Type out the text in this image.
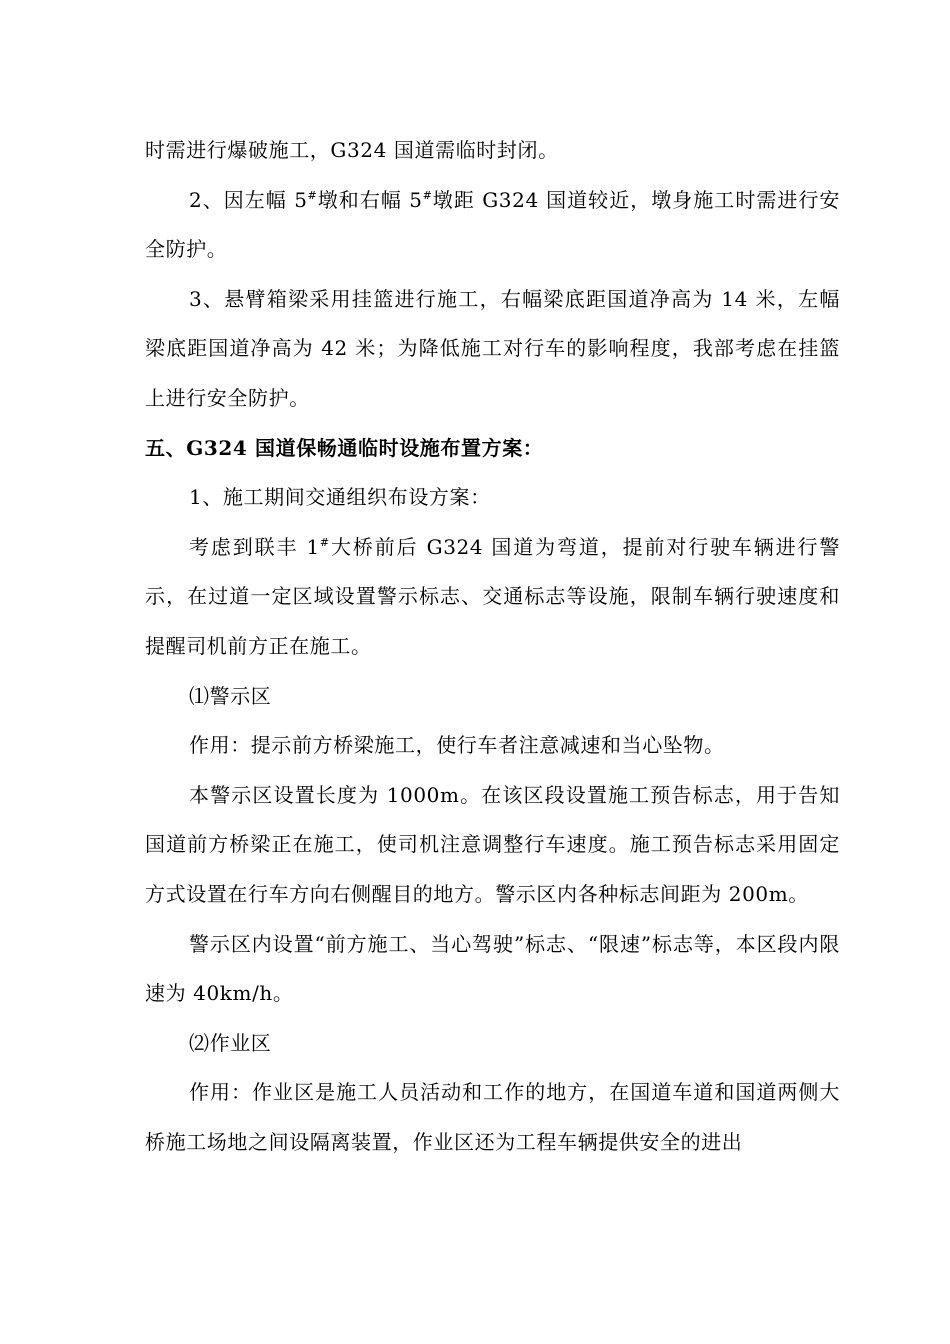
时需进行爆破施工，G324 国道需临时封闭。

2、因左幅 5#墩和右幅 5#墩距 G324 国道较近，墩身施工时需进行安全防护。

3、悬臂箱梁采用挂篮进行施工，右幅梁底距国道净高为 14 米，左幅梁底距国道净高为 42 米；为降低施工对行车的影响程度，我部考虑在挂篮上进行安全防护。

五、G324 国道保畅通临时设施布置方案：

1、施工期间交通组织布设方案：

考虑到联丰 1#大桥前后 G324 国道为弯道，提前对行驶车辆进行警示，在过道一定区域设置警示标志、交通标志等设施，限制车辆行驶速度和提醒司机前方正在施工。

⑴警示区

作用：提示前方桥梁施工，使行车者注意减速和当心坠物。

本警示区设置长度为 1000m。在该区段设置施工预告标志，用于告知国道前方桥梁正在施工，使司机注意调整行车速度。施工预告标志采用固定方式设置在行车方向右侧醒目的地方。警示区内各种标志间距为 200m。

警示区内设置“前方施工、当心驾驶”标志、“限速”标志等，本区段内限速为 40km/h。

⑵作业区

作用：作业区是施工人员活动和工作的地方，在国道车道和国道两侧大桥施工场地之间设隔离装置，作业区还为工程车辆提供安全的进出
